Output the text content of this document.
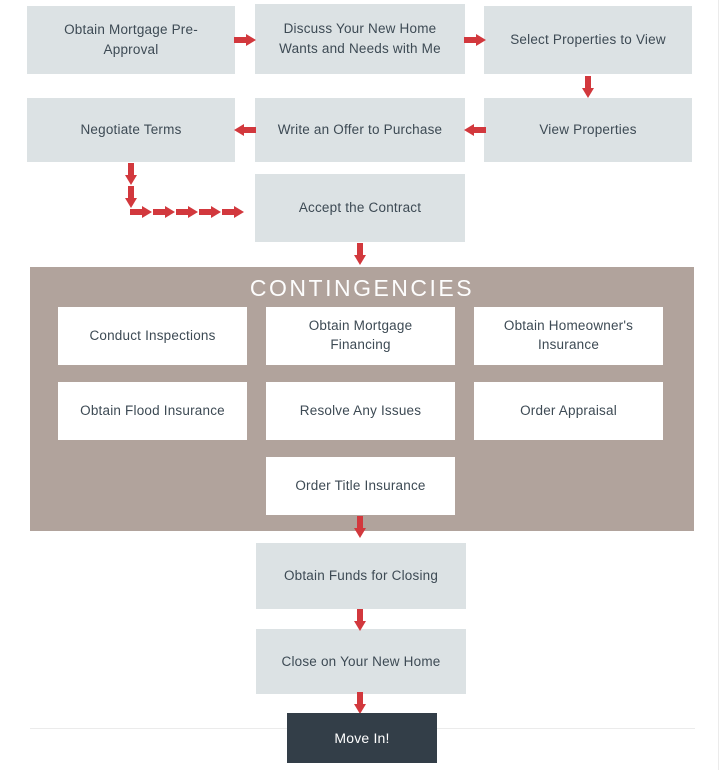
Obtain Mortgage Pre-Approval
Discuss Your New Home Wants and Needs with Me
Select Properties to View
Negotiate Terms	Write an Offer to Purchase	View Properties
Accept the Contract
CONTINGENCIES
Conduct Inspections
Obtain Mortgage Financing
Obtain Homeowner's Insurance
Obtain Flood Insurance	Resolve Any Issues	Order Appraisal
Order Title Insurance
Obtain Funds for Closing
Close on Your New Home
Move In!
